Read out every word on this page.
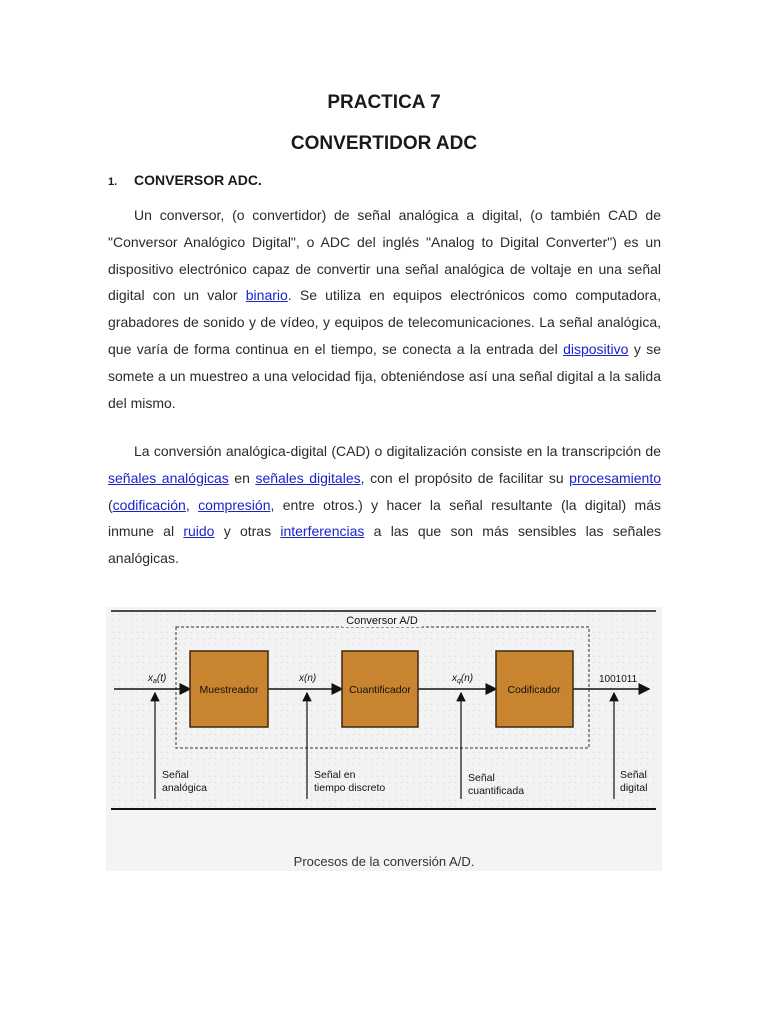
PRACTICA 7
CONVERTIDOR ADC
1. CONVERSOR ADC.

Un conversor, (o convertidor) de señal analógica a digital, (o también CAD de "Conversor Analógico Digital", o ADC del inglés "Analog to Digital Converter") es un dispositivo electrónico capaz de convertir una señal analógica de voltaje en una señal digital con un valor binario. Se utiliza en equipos electrónicos como computadora, grabadores de sonido y de vídeo, y equipos de telecomunicaciones. La señal analógica, que varía de forma continua en el tiempo, se conecta a la entrada del dispositivo y se somete a un muestreo a una velocidad fija, obteniéndose así una señal digital a la salida del mismo.

La conversión analógica-digital (CAD) o digitalización consiste en la transcripción de señales analógicas en señales digitales, con el propósito de facilitar su procesamiento (codificación, compresión, entre otros.) y hacer la señal resultante (la digital) más inmune al ruido y otras interferencias a las que son más sensibles las señales analógicas.

Conversor A/D
Muestreador	Cuantificador	Codificador
$x_a(t)$	x(n)	$x_q(n)$	1001011
Señal analógica
Señal en tiempo discreto
Señal cuantificada
Señal digital
Procesos de la conversión A/D.
